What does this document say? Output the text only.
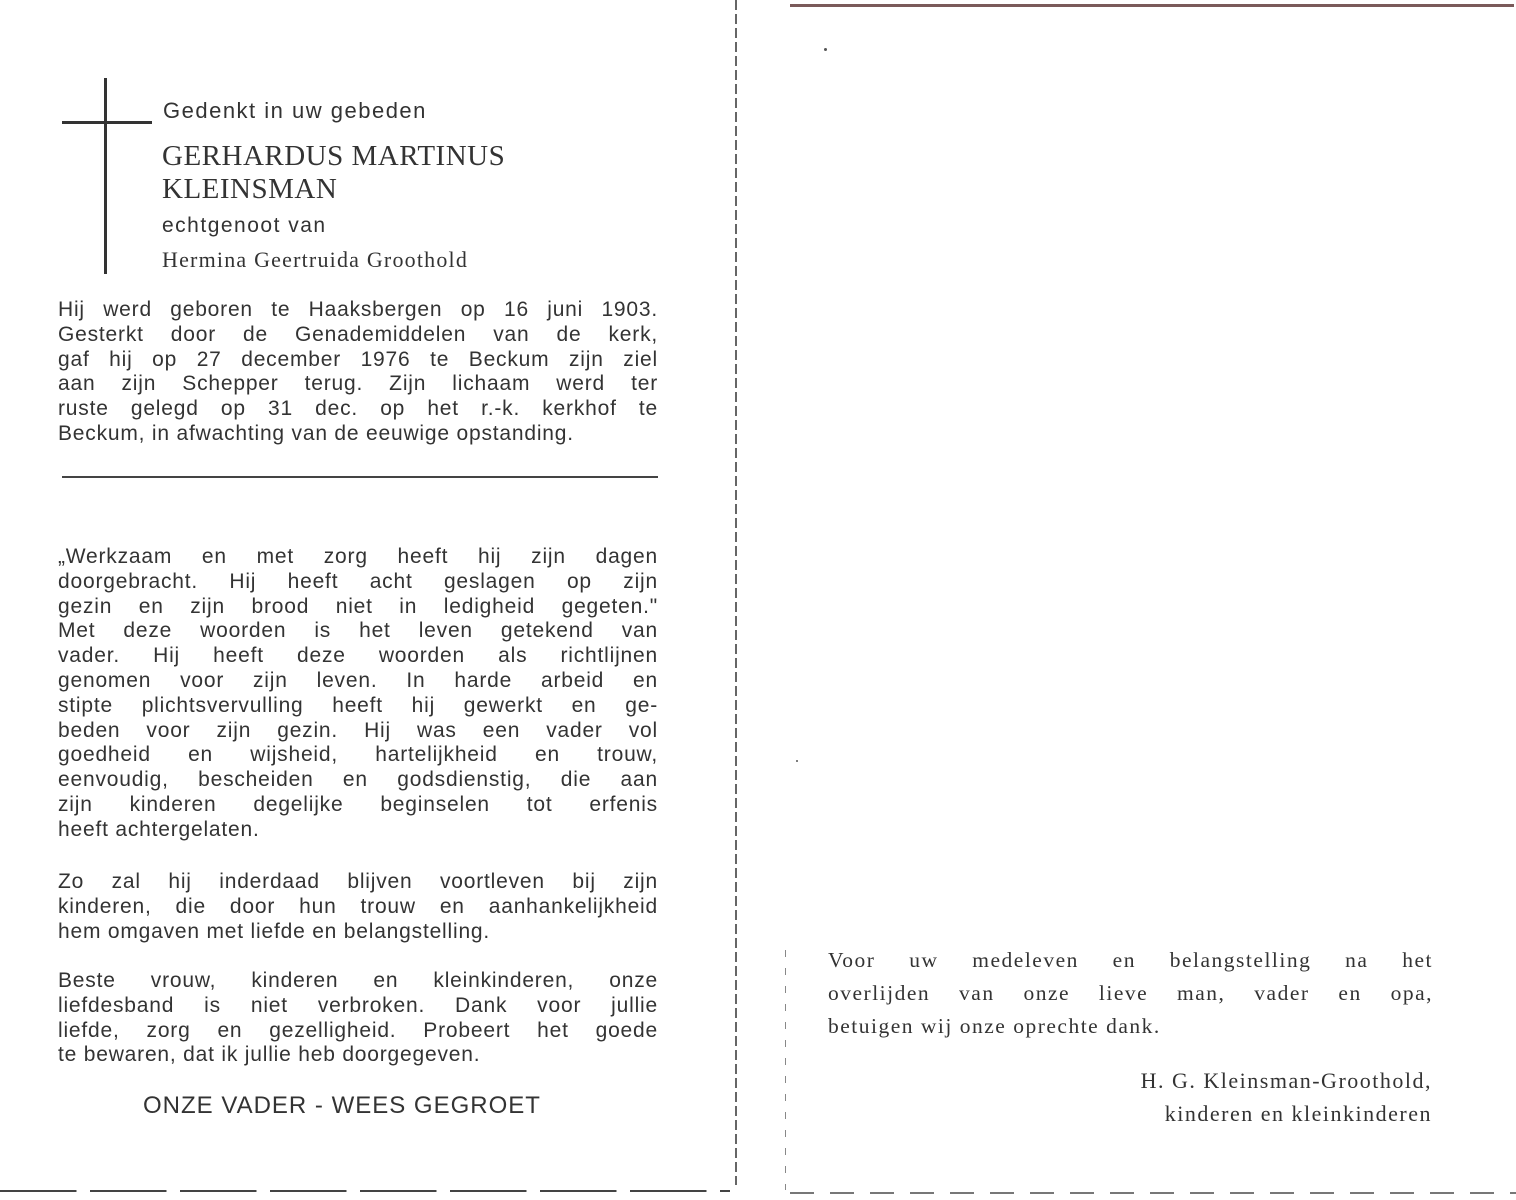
Gedenkt in uw gebeden
GERHARDUS MARTINUS
KLEINSMAN
echtgenoot van
Hermina Geertruida Groothold
Hij werd geboren te Haaksbergen op 16 juni 1903.
Gesterkt door de Genademiddelen van de kerk,
gaf hij op 27 december 1976 te Beckum zijn ziel
aan zijn Schepper terug. Zijn lichaam werd ter
ruste gelegd op 31 dec. op het r.-k. kerkhof te
Beckum, in afwachting van de eeuwige opstanding.
„Werkzaam en met zorg heeft hij zijn dagen
doorgebracht. Hij heeft acht geslagen op zijn
gezin en zijn brood niet in ledigheid gegeten."
Met deze woorden is het leven getekend van
vader. Hij heeft deze woorden als richtlijnen
genomen voor zijn leven. In harde arbeid en
stipte plichtsvervulling heeft hij gewerkt en ge-
beden voor zijn gezin. Hij was een vader vol
goedheid en wijsheid, hartelijkheid en trouw,
eenvoudig, bescheiden en godsdienstig, die aan
zijn kinderen degelijke beginselen tot erfenis
heeft achtergelaten.
Zo zal hij inderdaad blijven voortleven bij zijn
kinderen, die door hun trouw en aanhankelijkheid
hem omgaven met liefde en belangstelling.
Beste vrouw, kinderen en kleinkinderen, onze
liefdesband is niet verbroken. Dank voor jullie
liefde, zorg en gezelligheid. Probeert het goede
te bewaren, dat ik jullie heb doorgegeven.
ONZE VADER - WEES GEGROET
Voor uw medeleven en belangstelling na het
overlijden van onze lieve man, vader en opa,
betuigen wij onze oprechte dank.
H. G. Kleinsman-Groothold,
kinderen en kleinkinderen
